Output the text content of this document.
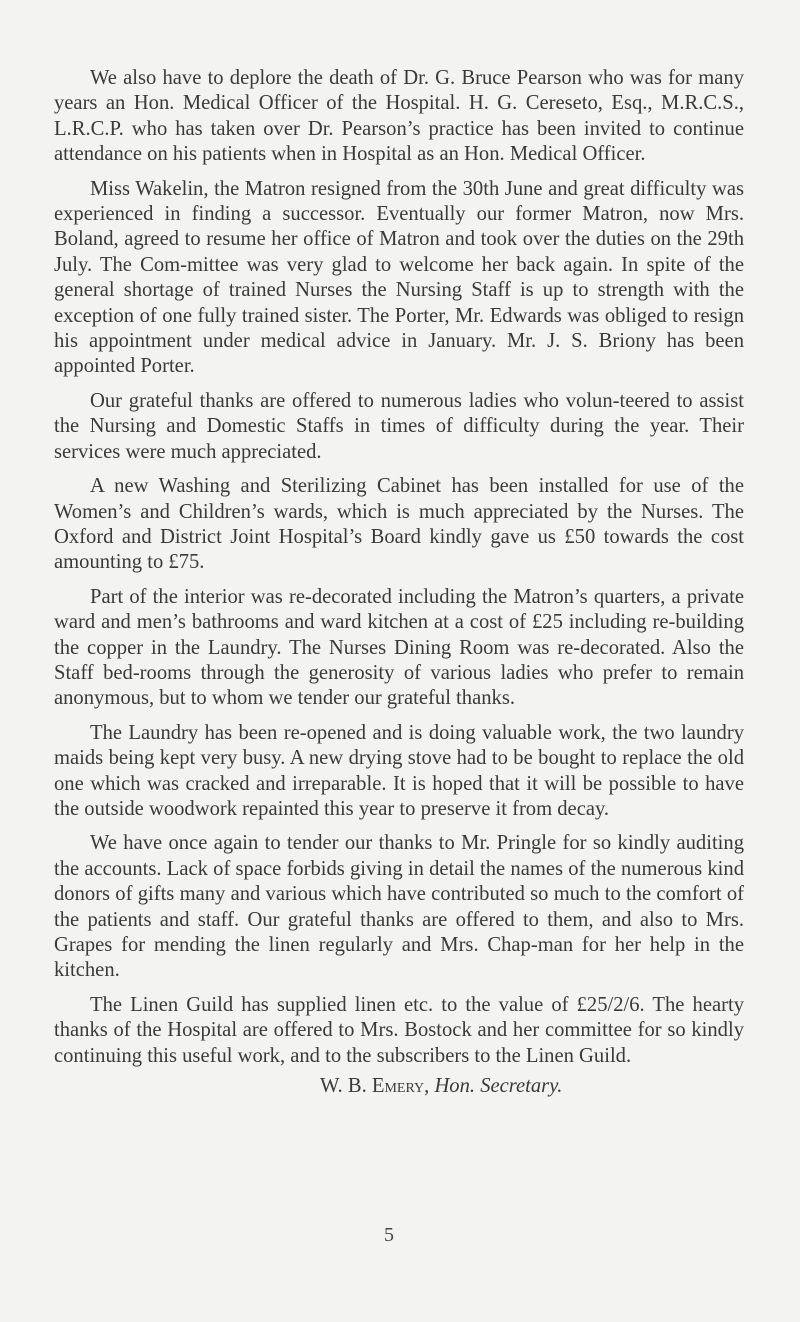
We also have to deplore the death of Dr. G. Bruce Pearson who was for many years an Hon. Medical Officer of the Hospital. H. G. Cereseto, Esq., M.R.C.S., L.R.C.P. who has taken over Dr. Pearson’s practice has been invited to continue attendance on his patients when in Hospital as an Hon. Medical Officer.

Miss Wakelin, the Matron resigned from the 30th June and great difficulty was experienced in finding a successor. Eventually our former Matron, now Mrs. Boland, agreed to resume her office of Matron and took over the duties on the 29th July. The Com-mittee was very glad to welcome her back again. In spite of the general shortage of trained Nurses the Nursing Staff is up to strength with the exception of one fully trained sister. The Porter, Mr. Edwards was obliged to resign his appointment under medical advice in January. Mr. J. S. Briony has been appointed Porter.

Our grateful thanks are offered to numerous ladies who volun-teered to assist the Nursing and Domestic Staffs in times of difficulty during the year. Their services were much appreciated.

A new Washing and Sterilizing Cabinet has been installed for use of the Women’s and Children’s wards, which is much appreciated by the Nurses. The Oxford and District Joint Hospital’s Board kindly gave us £50 towards the cost amounting to £75.

Part of the interior was re-decorated including the Matron’s quarters, a private ward and men’s bathrooms and ward kitchen at a cost of £25 including re-building the copper in the Laundry. The Nurses Dining Room was re-decorated. Also the Staff bed-rooms through the generosity of various ladies who prefer to remain anonymous, but to whom we tender our grateful thanks.

The Laundry has been re-opened and is doing valuable work, the two laundry maids being kept very busy. A new drying stove had to be bought to replace the old one which was cracked and irreparable. It is hoped that it will be possible to have the outside woodwork repainted this year to preserve it from decay.

We have once again to tender our thanks to Mr. Pringle for so kindly auditing the accounts. Lack of space forbids giving in detail the names of the numerous kind donors of gifts many and various which have contributed so much to the comfort of the patients and staff. Our grateful thanks are offered to them, and also to Mrs. Grapes for mending the linen regularly and Mrs. Chap-man for her help in the kitchen.

The Linen Guild has supplied linen etc. to the value of £25/2/6. The hearty thanks of the Hospital are offered to Mrs. Bostock and her committee for so kindly continuing this useful work, and to the subscribers to the Linen Guild.

W. B. Emery, Hon. Secretary.

5
